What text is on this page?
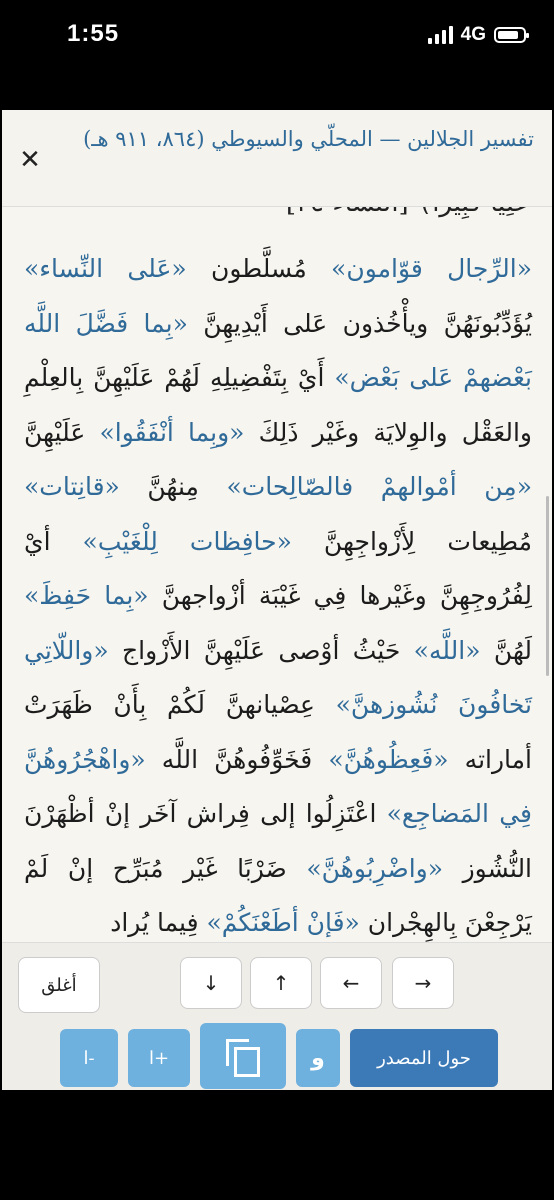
1:55	4G
✕
تفسير الجلالين — المحلّي والسيوطي (٨٦٤، ٩١١ هـ)
«الرِّجال قوّامون» مُسلَّطون «عَلى النِّساء» يُؤَدِّبُونَهُنَّ ويأْخُذون عَلى أَيْدِيهِنَّ «بِما فَضَّلَ اللَّه بَعْضهمْ عَلى بَعْض» أَيْ بِتَفْضِيلِهِ لَهُمْ عَلَيْهِنَّ بِالعِلْمِ والعَقْل والوِلايَة وغَيْر ذَلِكَ «وبِما أنْفَقُوا» عَلَيْهِنَّ «مِن أمْوالهمْ فالصّالِحات» مِنهُنَّ «قانِتات» مُطِيعات لِأَزْواجِهِنَّ «حافِظات لِلْغَيْبِ» أيْ لِفُرُوجِهِنَّ وغَيْرها فِي غَيْبَة أزْواجهنَّ «بِما حَفِظَ» لَهُنَّ «اللَّه» حَيْثُ أوْصى عَلَيْهِنَّ الأَزْواج «واللّاتِي تَخافُونَ نُشُوزهنَّ» عِصْيانهنَّ لَكُمْ بِأَنْ ظَهَرَتْ أماراته «فَعِظُوهُنَّ» فَخَوِّفُوهُنَّ اللَّه «واهْجُرُوهُنَّ فِي المَضاجِع» اعْتَزِلُوا إلى فِراش آخَر إنْ أظْهَرْنَ النُّشُوز «واضْرِبُوهُنَّ» ضَرْبًا غَيْر مُبَرِّح إنْ لَمْ يَرْجِعْنَ بِالهِجْران «فَإنْ أطَعْنَكُمْ» فِيما يُراد
أغلق	↓	↑	←	→
ا-	ا+	و	حول المصدر
